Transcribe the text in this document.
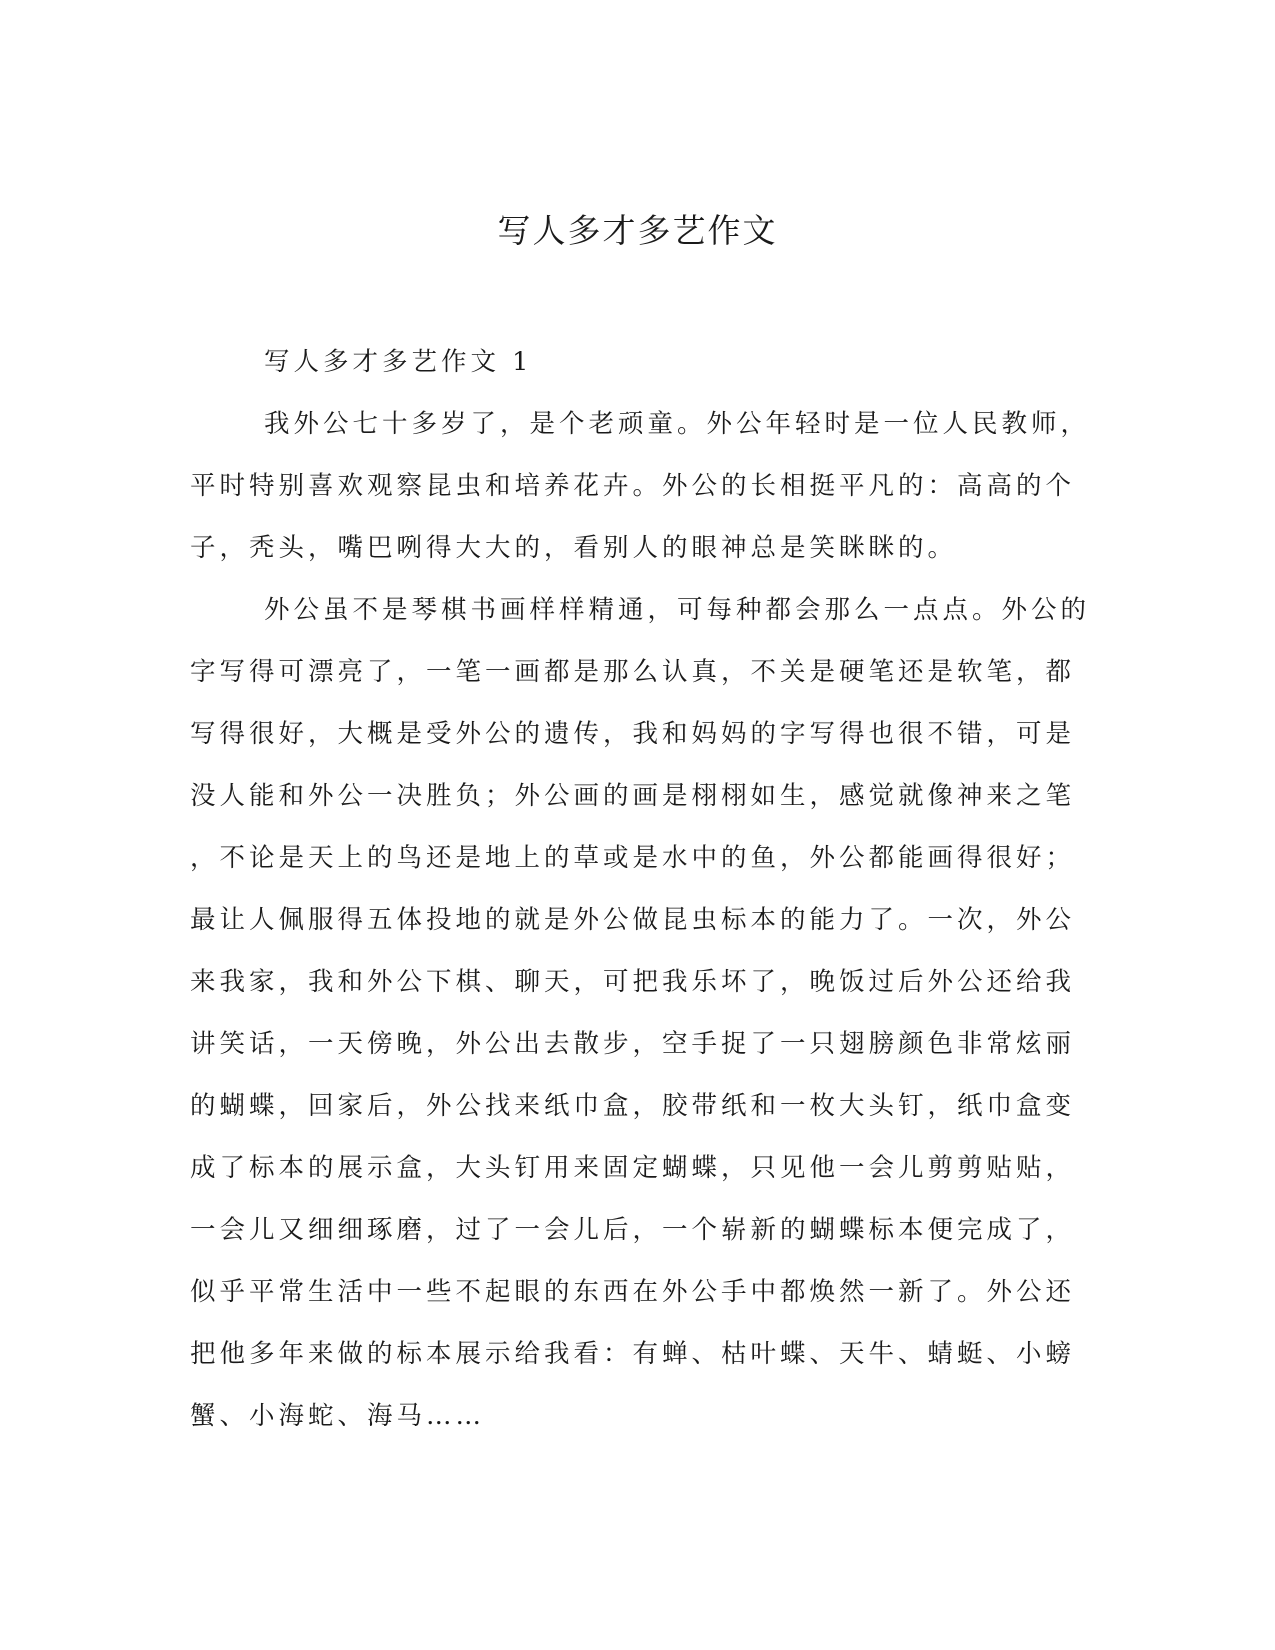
写人多才多艺作文

写人多才多艺作文 1

我外公七十多岁了，是个老顽童。外公年轻时是一位人民教师，
平时特别喜欢观察昆虫和培养花卉。外公的长相挺平凡的：高高的个
子，秃头，嘴巴咧得大大的，看别人的眼神总是笑眯眯的。

外公虽不是琴棋书画样样精通，可每种都会那么一点点。外公的
字写得可漂亮了，一笔一画都是那么认真，不关是硬笔还是软笔，都
写得很好，大概是受外公的遗传，我和妈妈的字写得也很不错，可是
没人能和外公一决胜负；外公画的画是栩栩如生，感觉就像神来之笔
，不论是天上的鸟还是地上的草或是水中的鱼，外公都能画得很好；
最让人佩服得五体投地的就是外公做昆虫标本的能力了。一次，外公
来我家，我和外公下棋、聊天，可把我乐坏了，晚饭过后外公还给我
讲笑话，一天傍晚，外公出去散步，空手捉了一只翅膀颜色非常炫丽
的蝴蝶，回家后，外公找来纸巾盒，胶带纸和一枚大头钉，纸巾盒变
成了标本的展示盒，大头钉用来固定蝴蝶，只见他一会儿剪剪贴贴，
一会儿又细细琢磨，过了一会儿后，一个崭新的蝴蝶标本便完成了，
似乎平常生活中一些不起眼的东西在外公手中都焕然一新了。外公还
把他多年来做的标本展示给我看：有蝉、枯叶蝶、天牛、蜻蜓、小螃
蟹、小海蛇、海马……
